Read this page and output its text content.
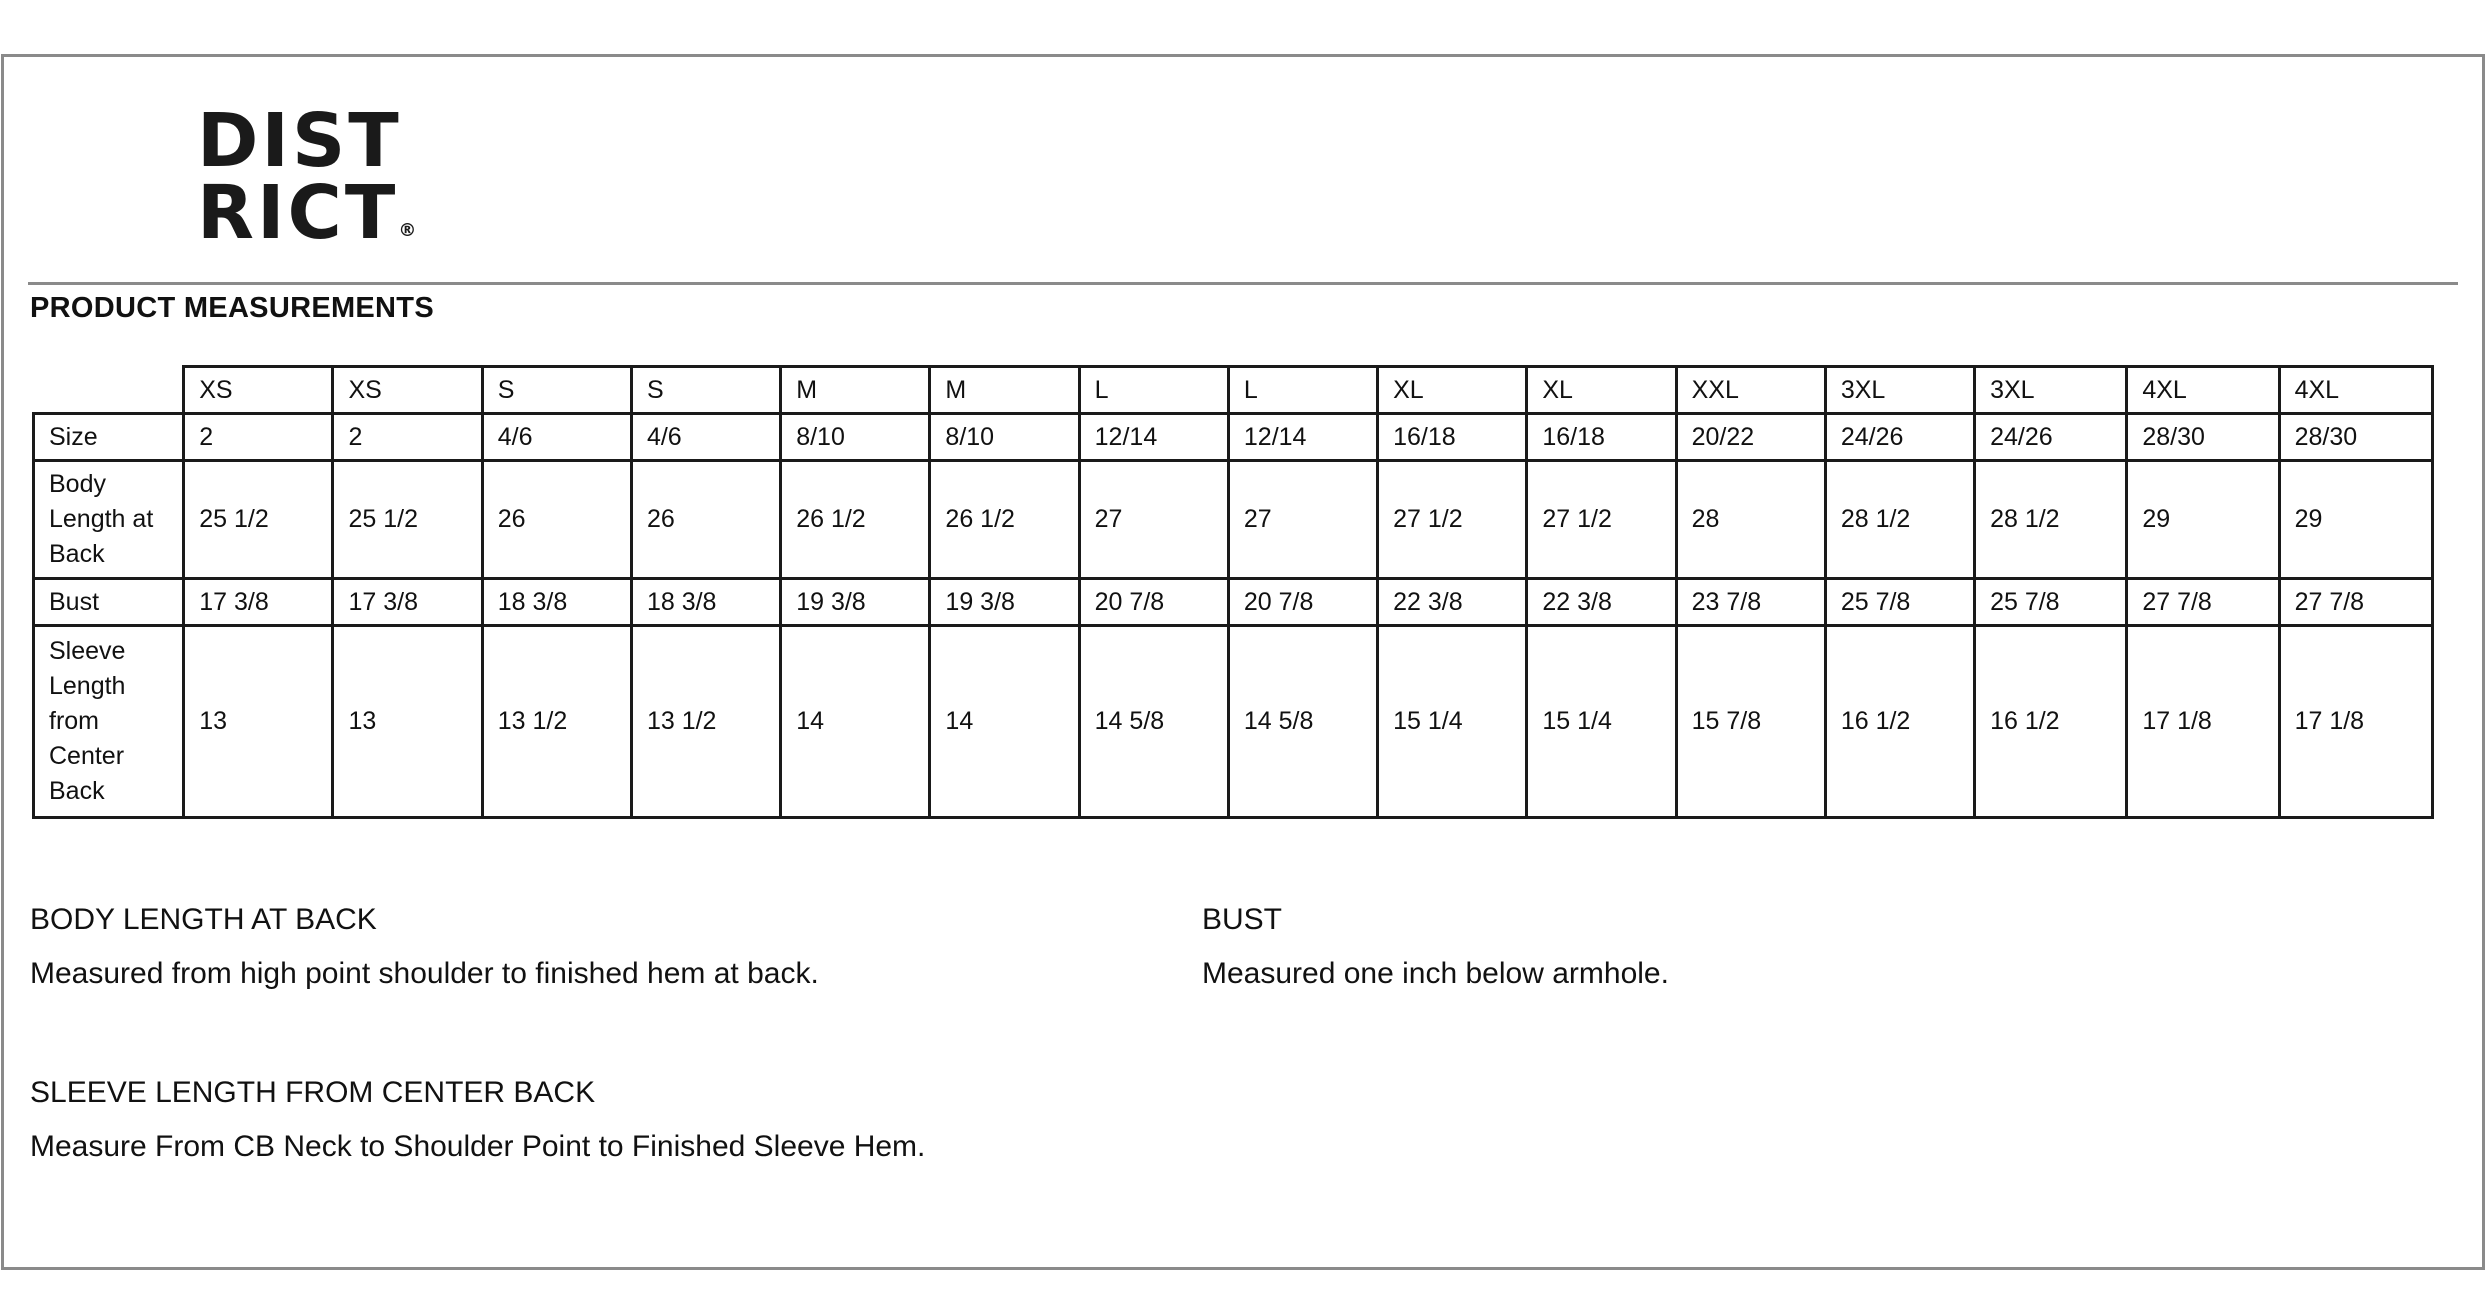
DIST
RICT®
PRODUCT MEASUREMENTS
	XS	XS	S	S	M	M	L	L	XL	XL	XXL	3XL	3XL	4XL	4XL
Size	2	2	4/6	4/6	8/10	8/10	12/14	12/14	16/18	16/18	20/22	24/26	24/26	28/30	28/30
Body Length at Back	25 1/2	25 1/2	26	26	26 1/2	26 1/2	27	27	27 1/2	27 1/2	28	28 1/2	28 1/2	29	29
Bust	17 3/8	17 3/8	18 3/8	18 3/8	19 3/8	19 3/8	20 7/8	20 7/8	22 3/8	22 3/8	23 7/8	25 7/8	25 7/8	27 7/8	27 7/8
Sleeve Length from Center Back	13	13	13 1/2	13 1/2	14	14	14 5/8	14 5/8	15 1/4	15 1/4	15 7/8	16 1/2	16 1/2	17 1/8	17 1/8
BODY LENGTH AT BACK
Measured from high point shoulder to finished hem at back.
BUST
Measured one inch below armhole.
SLEEVE LENGTH FROM CENTER BACK
Measure From CB Neck to Shoulder Point to Finished Sleeve Hem.
